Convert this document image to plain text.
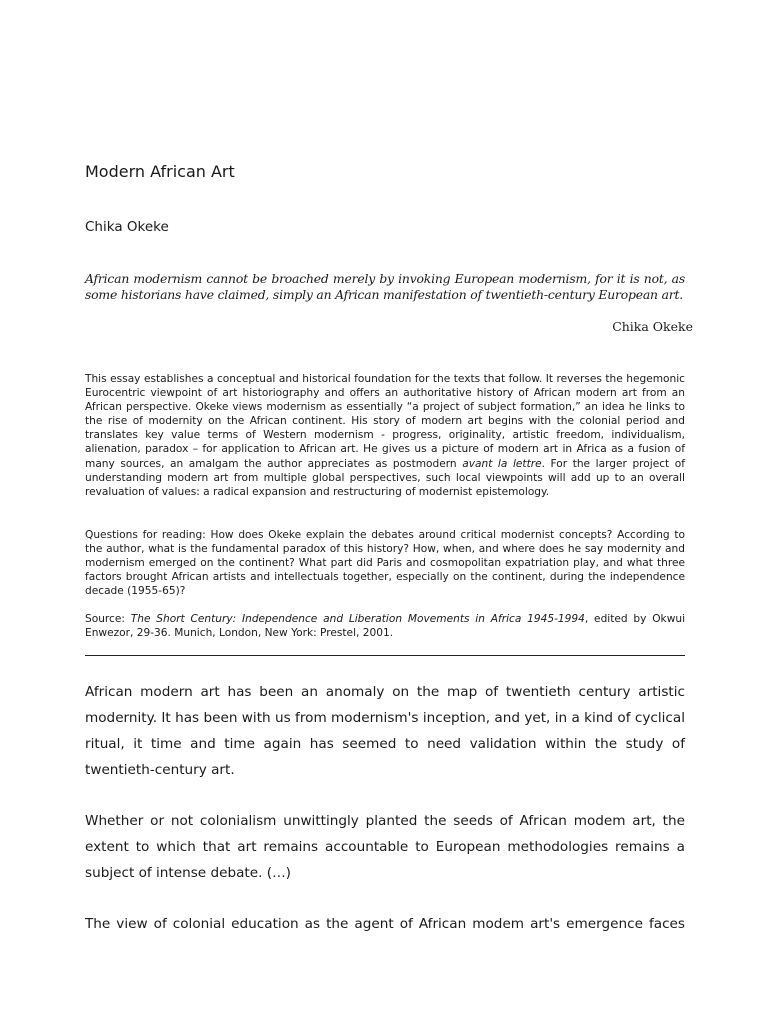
Modern African Art

Chika Okeke

African modernism cannot be broached merely by invoking European modernism, for it is not, as some historians have claimed, simply an African manifestation of twentieth-century European art.

Chika Okeke

This essay establishes a conceptual and historical foundation for the texts that follow. It reverses the hegemonic Eurocentric viewpoint of art historiography and offers an authoritative history of African modern art from an African perspective. Okeke views modernism as essentially “a project of subject formation,” an idea he links to the rise of modernity on the African continent. His story of modern art begins with the colonial period and translates key value terms of Western modernism - progress, originality, artistic freedom, individualism, alienation, paradox – for application to African art. He gives us a picture of modern art in Africa as a fusion of many sources, an amalgam the author appreciates as postmodern avant la lettre. For the larger project of understanding modern art from multiple global perspectives, such local viewpoints will add up to an overall revaluation of values: a radical expansion and restructuring of modernist epistemology.

Questions for reading: How does Okeke explain the debates around critical modernist concepts? According to the author, what is the fundamental paradox of this history? How, when, and where does he say modernity and modernism emerged on the continent? What part did Paris and cosmopolitan expatriation play, and what three factors brought African artists and intellectuals together, especially on the continent, during the independence decade (1955-65)?

Source: The Short Century: Independence and Liberation Movements in Africa 1945-1994, edited by Okwui Enwezor, 29-36. Munich, London, New York: Prestel, 2001.

African modern art has been an anomaly on the map of twentieth century artistic modernity. It has been with us from modernism's inception, and yet, in a kind of cyclical ritual, it time and time again has seemed to need validation within the study of twentieth-century art.

Whether or not colonialism unwittingly planted the seeds of African modem art, the extent to which that art remains accountable to European methodologies remains a subject of intense debate. (…)

The view of colonial education as the agent of African modem art's emergence faces
